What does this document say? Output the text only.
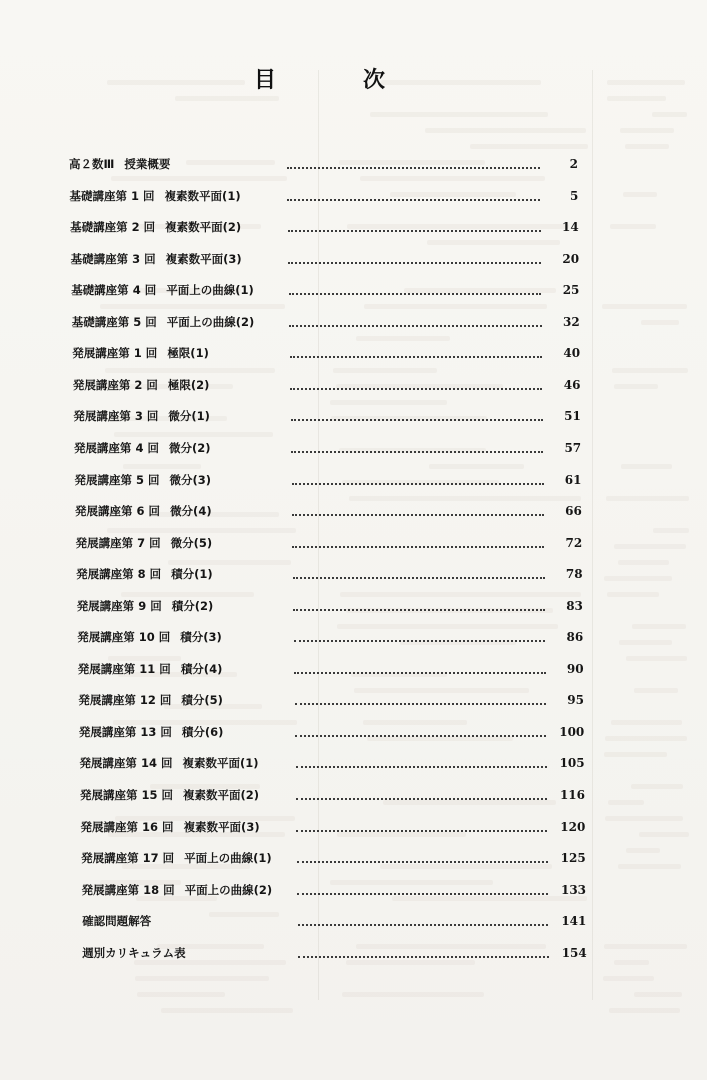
目	次
高２数Ⅲ 授業概要	2
基礎講座第 1 回 複素数平面(1)	5
基礎講座第 2 回 複素数平面(2)	14
基礎講座第 3 回 複素数平面(3)	20
基礎講座第 4 回 平面上の曲線(1)	25
基礎講座第 5 回 平面上の曲線(2)	32
発展講座第 1 回 極限(1)	40
発展講座第 2 回 極限(2)	46
発展講座第 3 回 微分(1)	51
発展講座第 4 回 微分(2)	57
発展講座第 5 回 微分(3)	61
発展講座第 6 回 微分(4)	66
発展講座第 7 回 微分(5)	72
発展講座第 8 回 積分(1)	78
発展講座第 9 回 積分(2)	83
発展講座第 10 回 積分(3)	86
発展講座第 11 回 積分(4)	90
発展講座第 12 回 積分(5)	95
発展講座第 13 回 積分(6)	100
発展講座第 14 回 複素数平面(1)	105
発展講座第 15 回 複素数平面(2)	116
発展講座第 16 回 複素数平面(3)	120
発展講座第 17 回 平面上の曲線(1)	125
発展講座第 18 回 平面上の曲線(2)	133
確認問題解答	141
週別カリキュラム表	154
